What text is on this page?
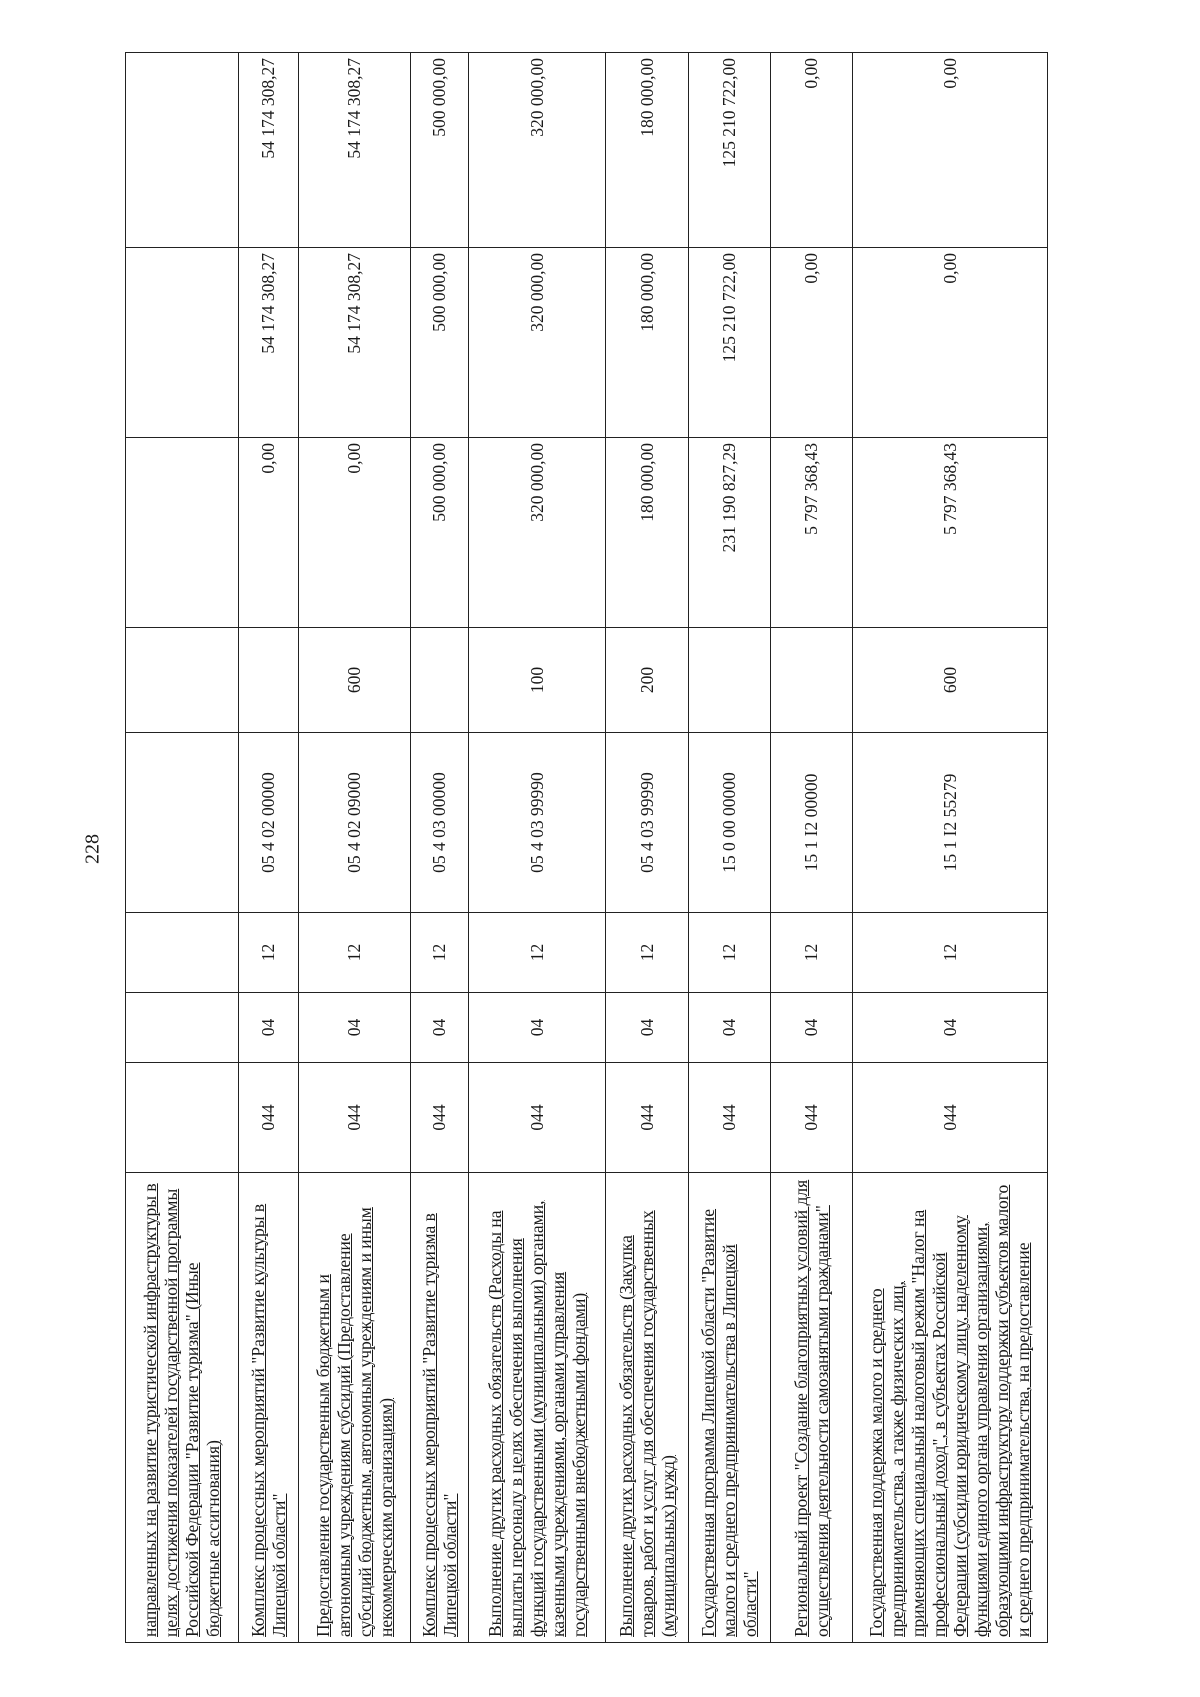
228
направленных на развитие туристической инфраструктуры в целях достижения показателей государственной программы Российской Федерации "Развитие туризма" (Иные бюджетные ассигнования)								
Комплекс процессных мероприятий "Развитие культуры в Липецкой области"	044	04	12	05 4 02 00000		0,00	54 174 308,27	54 174 308,27
Предоставление государственным бюджетным и автономным учреждениям субсидий (Предоставление субсидий бюджетным, автономным учреждениям и иным некоммерческим организациям)	044	04	12	05 4 02 09000	600	0,00	54 174 308,27	54 174 308,27
Комплекс процессных мероприятий "Развитие туризма в Липецкой области"	044	04	12	05 4 03 00000		500 000,00	500 000,00	500 000,00
Выполнение других расходных обязательств (Расходы на выплаты персоналу в целях обеспечения выполнения функций государственными (муниципальными) органами, казенными учреждениями, органами управления государственными внебюджетными фондами)	044	04	12	05 4 03 99990	100	320 000,00	320 000,00	320 000,00
Выполнение других расходных обязательств (Закупка товаров, работ и услуг для обеспечения государственных (муниципальных) нужд)	044	04	12	05 4 03 99990	200	180 000,00	180 000,00	180 000,00
Государственная программа Липецкой области "Развитие малого и среднего предпринимательства в Липецкой области"	044	04	12	15 0 00 00000		231 190 827,29	125 210 722,00	125 210 722,00
Региональный проект "Создание благоприятных условий для осуществления деятельности самозанятыми гражданами"	044	04	12	15 1 I2 00000		5 797 368,43	0,00	0,00
Государственная поддержка малого и среднего предпринимательства, а также физических лиц, применяющих специальный налоговый режим "Налог на профессиональный доход", в субъектах Российской Федерации (субсидии юридическому лицу, наделенному функциями единого органа управления организациями, образующими инфраструктуру поддержки субъектов малого и среднего предпринимательства, на предоставление	044	04	12	15 1 I2 55279	600	5 797 368,43	0,00	0,00
